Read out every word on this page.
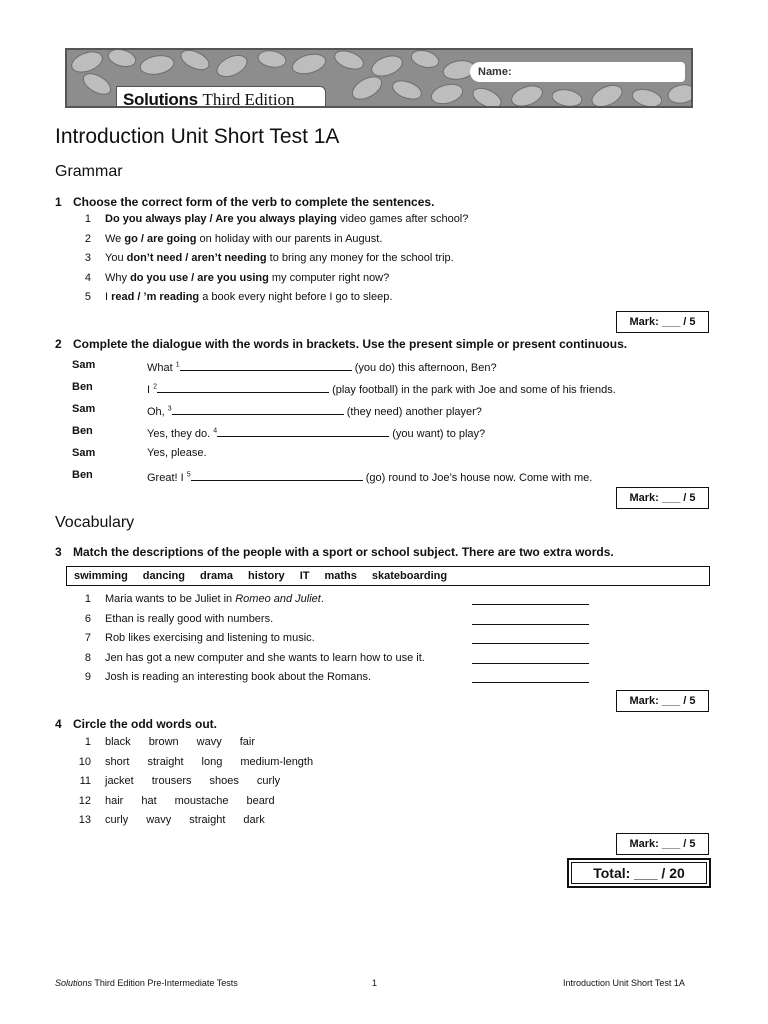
Name:
Solutions Third Edition
Introduction Unit Short Test 1A
Grammar
1 Choose the correct form of the verb to complete the sentences.
1 Do you always play / Are you always playing video games after school?
2 We go / are going on holiday with our parents in August.
3 You don’t need / aren’t needing to bring any money for the school trip.
4 Why do you use / are you using my computer right now?
5 I read / ’m reading a book every night before I go to sleep.
Mark: ___ / 5
2 Complete the dialogue with the words in brackets. Use the present simple or present continuous.
Sam	What $^1$	(you do) this afternoon, Ben?
Ben	I $^2$	(play football) in the park with Joe and some of his friends.
Sam	Oh, $^3$	(they need) another player?
Ben	Yes, they do. $^4$	(you want) to play?
Sam	Yes, please.
Ben	Great! I $^5$	(go) round to Joe’s house now. Come with me.
Mark: ___ / 5
Vocabulary
3 Match the descriptions of the people with a sport or school subject. There are two extra words.
swimming dancing drama history IT maths skateboarding
1 Maria wants to be Juliet in Romeo and Juliet.
6 Ethan is really good with numbers.
7 Rob likes exercising and listening to music.
8 Jen has got a new computer and she wants to learn how to use it.
9 Josh is reading an interesting book about the Romans.
Mark: ___ / 5
4 Circle the odd words out.
1 black brown wavy fair
10 short straight long medium-length
11 jacket trousers shoes curly
12 hair hat moustache beard
13 curly wavy straight dark
Mark: ___ / 5
Total: ___ / 20
Solutions Third Edition Pre-Intermediate Tests	1	Introduction Unit Short Test 1A
